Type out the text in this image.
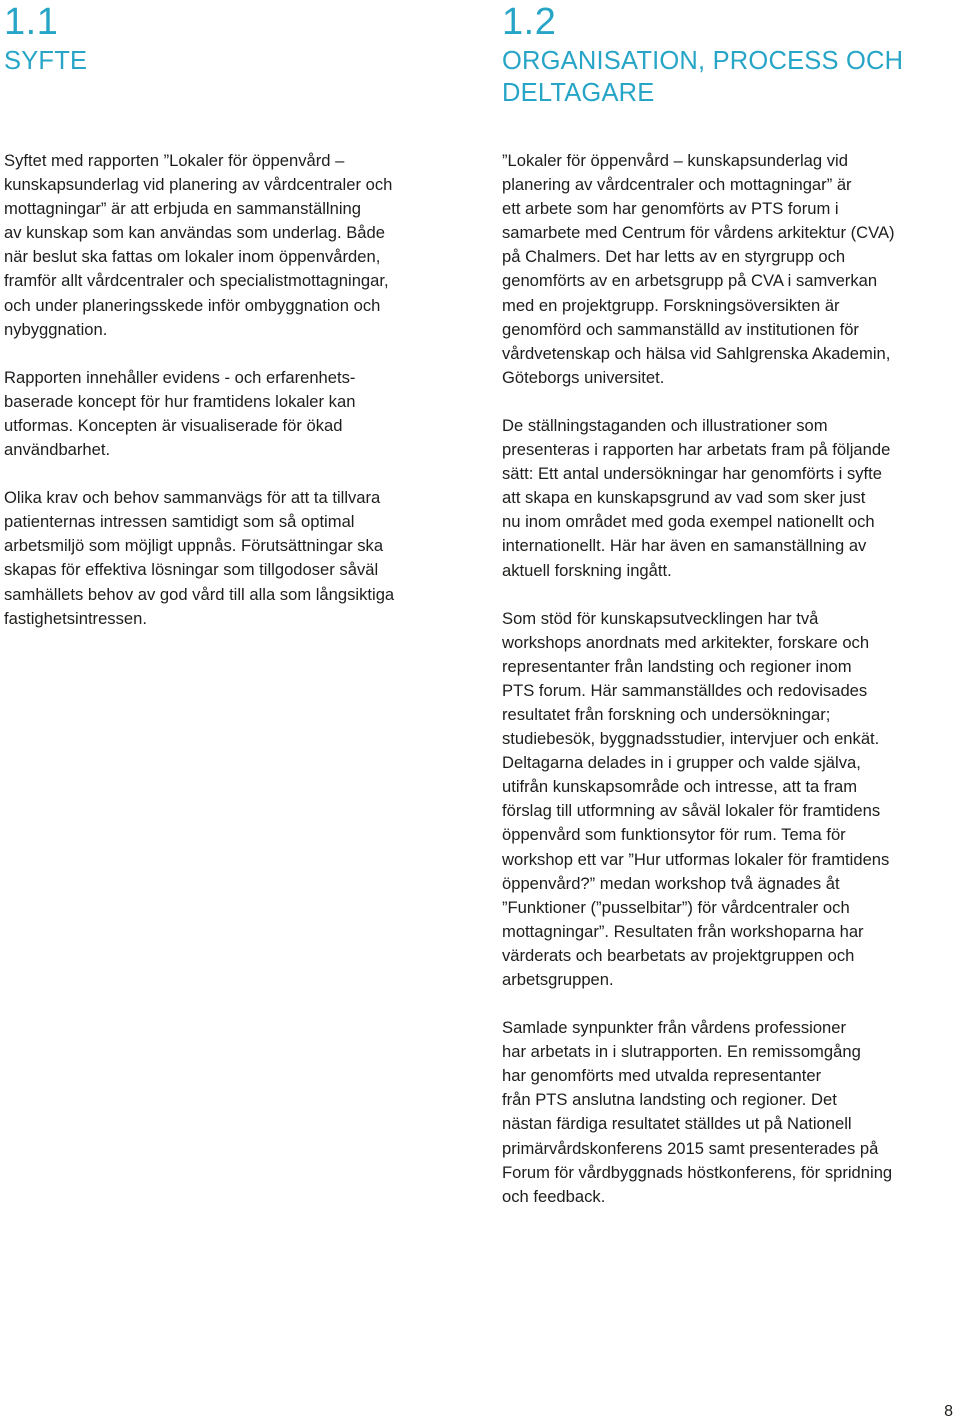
1.1
SYFTE
1.2
ORGANISATION, PROCESS OCH DELTAGARE

Syftet med rapporten ”Lokaler för öppenvård –
kunskapsunderlag vid planering av vårdcentraler och
mottagningar” är att erbjuda en sammanställning
av kunskap som kan användas som underlag. Både
när beslut ska fattas om lokaler inom öppenvården,
framför allt vårdcentraler och specialistmottagningar,
och under planeringsskede inför ombyggnation och
nybyggnation.

Rapporten innehåller evidens - och erfarenhets-
baserade koncept för hur framtidens lokaler kan
utformas. Koncepten är visualiserade för ökad
användbarhet.

Olika krav och behov sammanvägs för att ta tillvara
patienternas intressen samtidigt som så optimal
arbetsmiljö som möjligt uppnås. Förutsättningar ska
skapas för effektiva lösningar som tillgodoser såväl
samhällets behov av god vård till alla som långsiktiga
fastighetsintressen.

”Lokaler för öppenvård – kunskapsunderlag vid
planering av vårdcentraler och mottagningar” är
ett arbete som har genomförts av PTS forum i
samarbete med Centrum för vårdens arkitektur (CVA)
på Chalmers. Det har letts av en styrgrupp och
genomförts av en arbetsgrupp på CVA i samverkan
med en projektgrupp. Forskningsöversikten är
genomförd och sammanställd av institutionen för
vårdvetenskap och hälsa vid Sahlgrenska Akademin,
Göteborgs universitet.

De ställningstaganden och illustrationer som
presenteras i rapporten har arbetats fram på följande
sätt: Ett antal undersökningar har genomförts i syfte
att skapa en kunskapsgrund av vad som sker just
nu inom området med goda exempel nationellt och
internationellt. Här har även en samanställning av
aktuell forskning ingått.

Som stöd för kunskapsutvecklingen har två
workshops anordnats med arkitekter, forskare och
representanter från landsting och regioner inom
PTS forum. Här sammanställdes och redovisades
resultatet från forskning och undersökningar;
studiebesök, byggnadsstudier, intervjuer och enkät.
Deltagarna delades in i grupper och valde själva,
utifrån kunskapsområde och intresse, att ta fram
förslag till utformning av såväl lokaler för framtidens
öppenvård som funktionsytor för rum. Tema för
workshop ett var ”Hur utformas lokaler för framtidens
öppenvård?” medan workshop två ägnades åt
”Funktioner (”pusselbitar”) för vårdcentraler och
mottagningar”. Resultaten från workshoparna har
värderats och bearbetats av projektgruppen och
arbetsgruppen.

Samlade synpunkter från vårdens professioner
har arbetats in i slutrapporten. En remissomgång
har genomförts med utvalda representanter
från PTS anslutna landsting och regioner. Det
nästan färdiga resultatet ställdes ut på Nationell
primärvårdskonferens 2015 samt presenterades på
Forum för vårdbyggnads höstkonferens, för spridning
och feedback.

8
